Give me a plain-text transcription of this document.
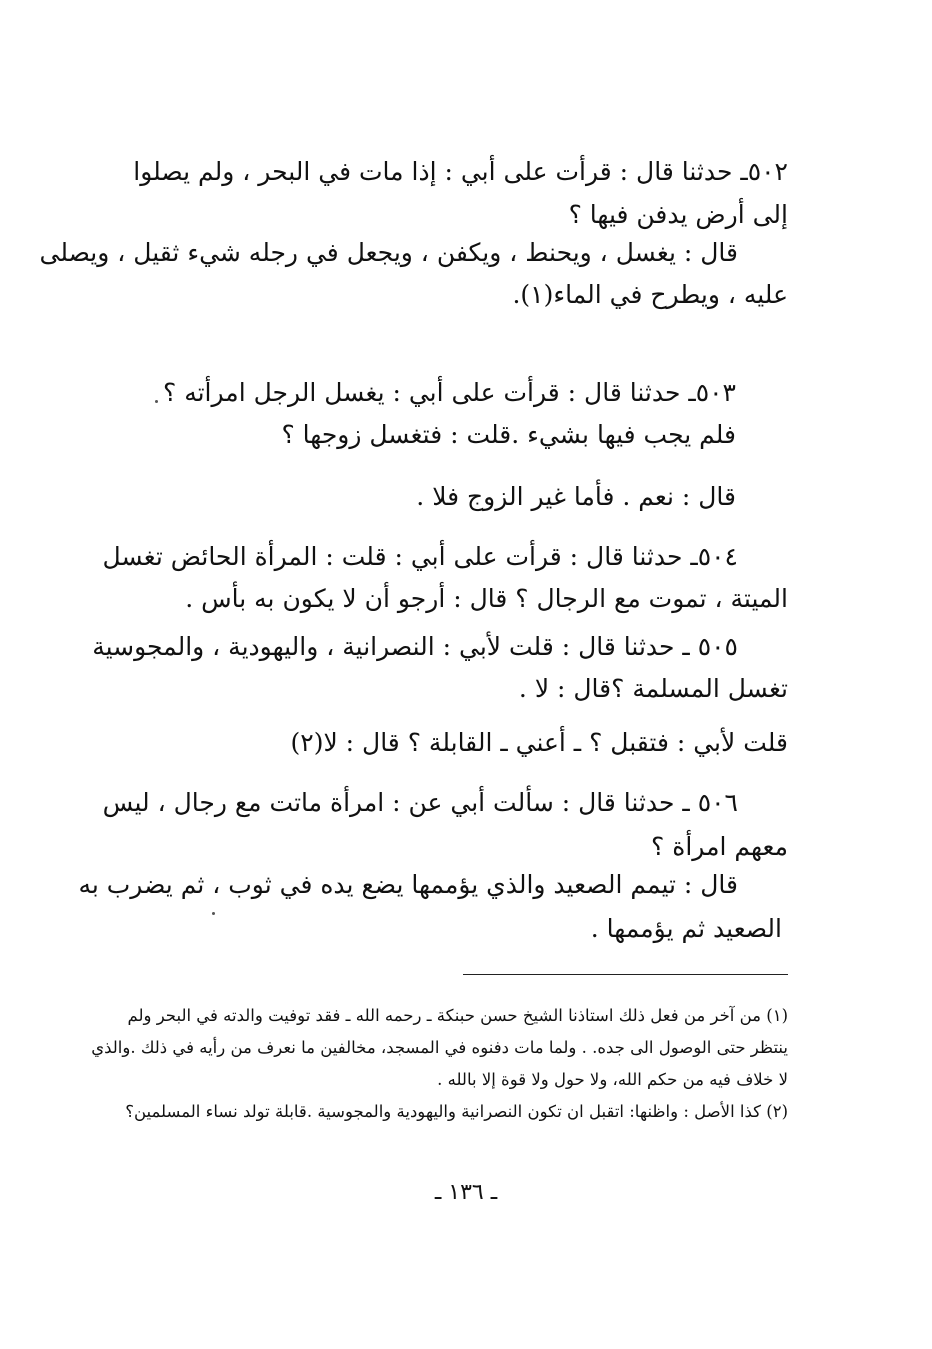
٥٠٢ـ حدثنا قال : قرأت على أبي : إذا مات في البحر ، ولم يصلوا
إلى أرض يدفن فيها ؟
قال : يغسل ، ويحنط ، ويكفن ، ويجعل في رجله شيء ثقيل ، ويصلى
عليه ، ويطرح في الماء(١).
٥٠٣ـ حدثنا قال : قرأت على أبي : يغسل الرجل امرأته ؟
فلم يجب فيها بشيء .قلت : فتغسل زوجها ؟
قال : نعم . فأما غير الزوج فلا .
٥٠٤ـ حدثنا قال : قرأت على أبي : قلت : المرأة الحائض تغسل
الميتة ، تموت مع الرجال ؟ قال : أرجو أن لا يكون به بأس .
٥٠٥ ـ حدثنا قال : قلت لأبي : النصرانية ، واليهودية ، والمجوسية
تغسل المسلمة ؟قال : لا .
قلت لأبي : فتقبل ؟ ـ أعني ـ القابلة ؟ قال : لا(٢)
٥٠٦ ـ حدثنا قال : سألت أبي عن : امرأة ماتت مع رجال ، ليس
معهم امرأة ؟
قال : تيمم الصعيد والذي يؤممها يضع يده في ثوب ، ثم يضرب به
الصعيد ثم يؤممها .
(١) من آخر من فعل ذلك استاذنا الشيخ حسن حبنكة ـ رحمه الله ـ فقد توفيت والدته في البحر ولم
ينتظر حتى الوصول الى جده. . ولما مات دفنوه في المسجد، مخالفين ما نعرف من رأيه في ذلك .والذي
لا خلاف فيه من حكم الله، ولا حول ولا قوة إلا بالله .
(٢) كذا الأصل : واظنها: اتقبل ان تكون النصرانية واليهودية والمجوسية .قابلة تولد نساء المسلمين؟
ـ ١٣٦ ـ
